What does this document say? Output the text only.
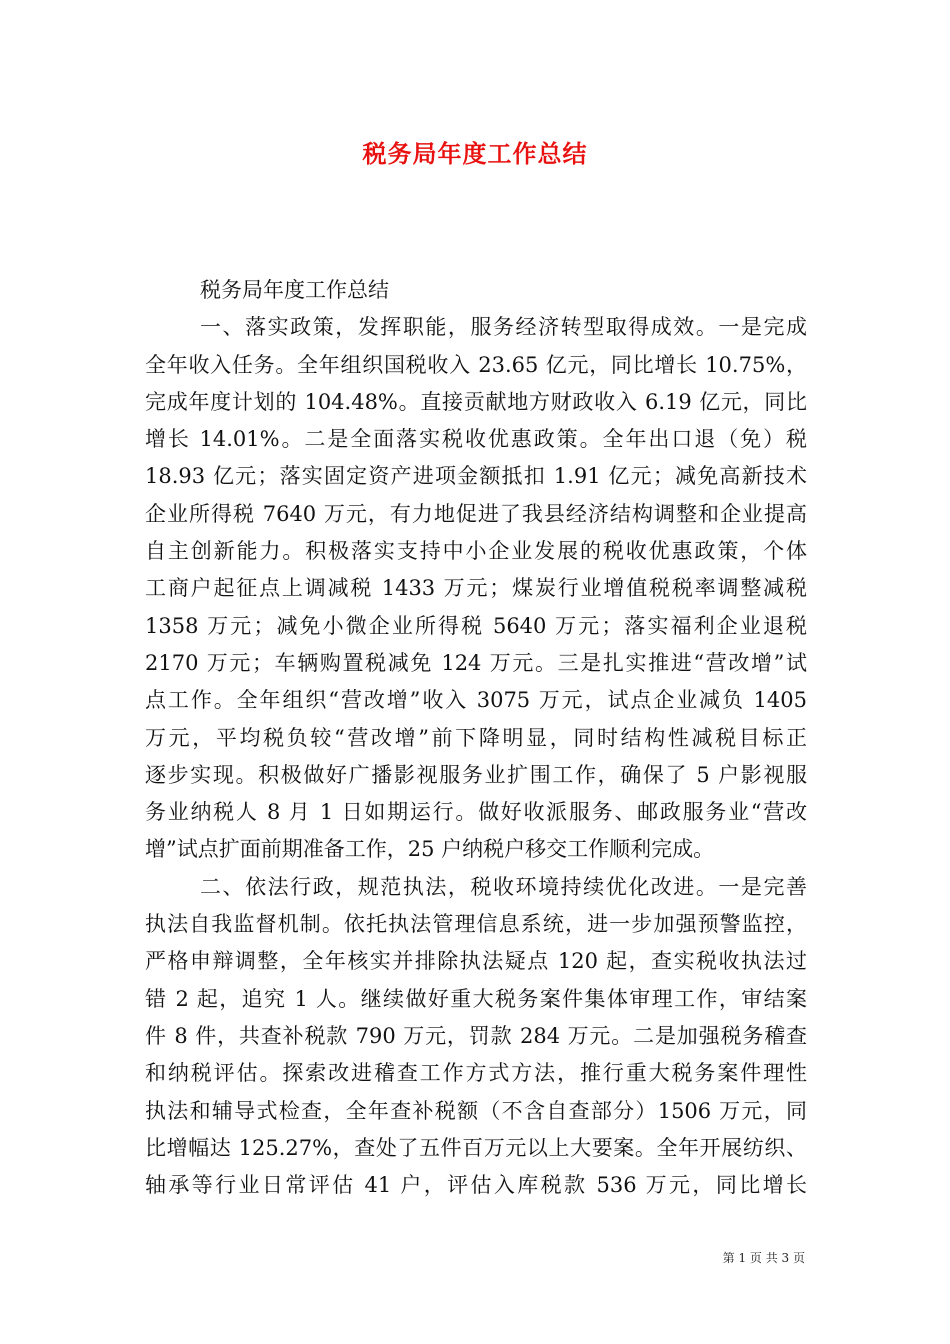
税务局年度工作总结
税务局年度工作总结
一、落实政策，发挥职能，服务经济转型取得成效。一是完成
全年收入任务。全年组织国税收入 23.65 亿元，同比增长 10.75%，
完成年度计划的 104.48%。直接贡献地方财政收入 6.19 亿元，同比
增长 14.01%。二是全面落实税收优惠政策。全年出口退（免）税
18.93 亿元；落实固定资产进项金额抵扣 1.91 亿元；减免高新技术
企业所得税 7640 万元，有力地促进了我县经济结构调整和企业提高
自主创新能力。积极落实支持中小企业发展的税收优惠政策，个体
工商户起征点上调减税 1433 万元；煤炭行业增值税税率调整减税
1358 万元；减免小微企业所得税 5640 万元；落实福利企业退税
2170 万元；车辆购置税减免 124 万元。三是扎实推进“营改增”试
点工作。全年组织“营改增”收入 3075 万元，试点企业减负 1405
万元，平均税负较“营改增”前下降明显，同时结构性减税目标正
逐步实现。积极做好广播影视服务业扩围工作，确保了 5 户影视服
务业纳税人 8 月 1 日如期运行。做好收派服务、邮政服务业“营改
增”试点扩面前期准备工作，25 户纳税户移交工作顺利完成。
二、依法行政，规范执法，税收环境持续优化改进。一是完善
执法自我监督机制。依托执法管理信息系统，进一步加强预警监控，
严格申辩调整，全年核实并排除执法疑点 120 起，查实税收执法过
错 2 起，追究 1 人。继续做好重大税务案件集体审理工作，审结案
件 8 件，共查补税款 790 万元，罚款 284 万元。二是加强税务稽查
和纳税评估。探索改进稽查工作方式方法，推行重大税务案件理性
执法和辅导式检查，全年查补税额（不含自查部分）1506 万元，同
比增幅达 125.27%，查处了五件百万元以上大要案。全年开展纺织、
轴承等行业日常评估 41 户，评估入库税款 536 万元，同比增长
第 1 页 共 3 页
